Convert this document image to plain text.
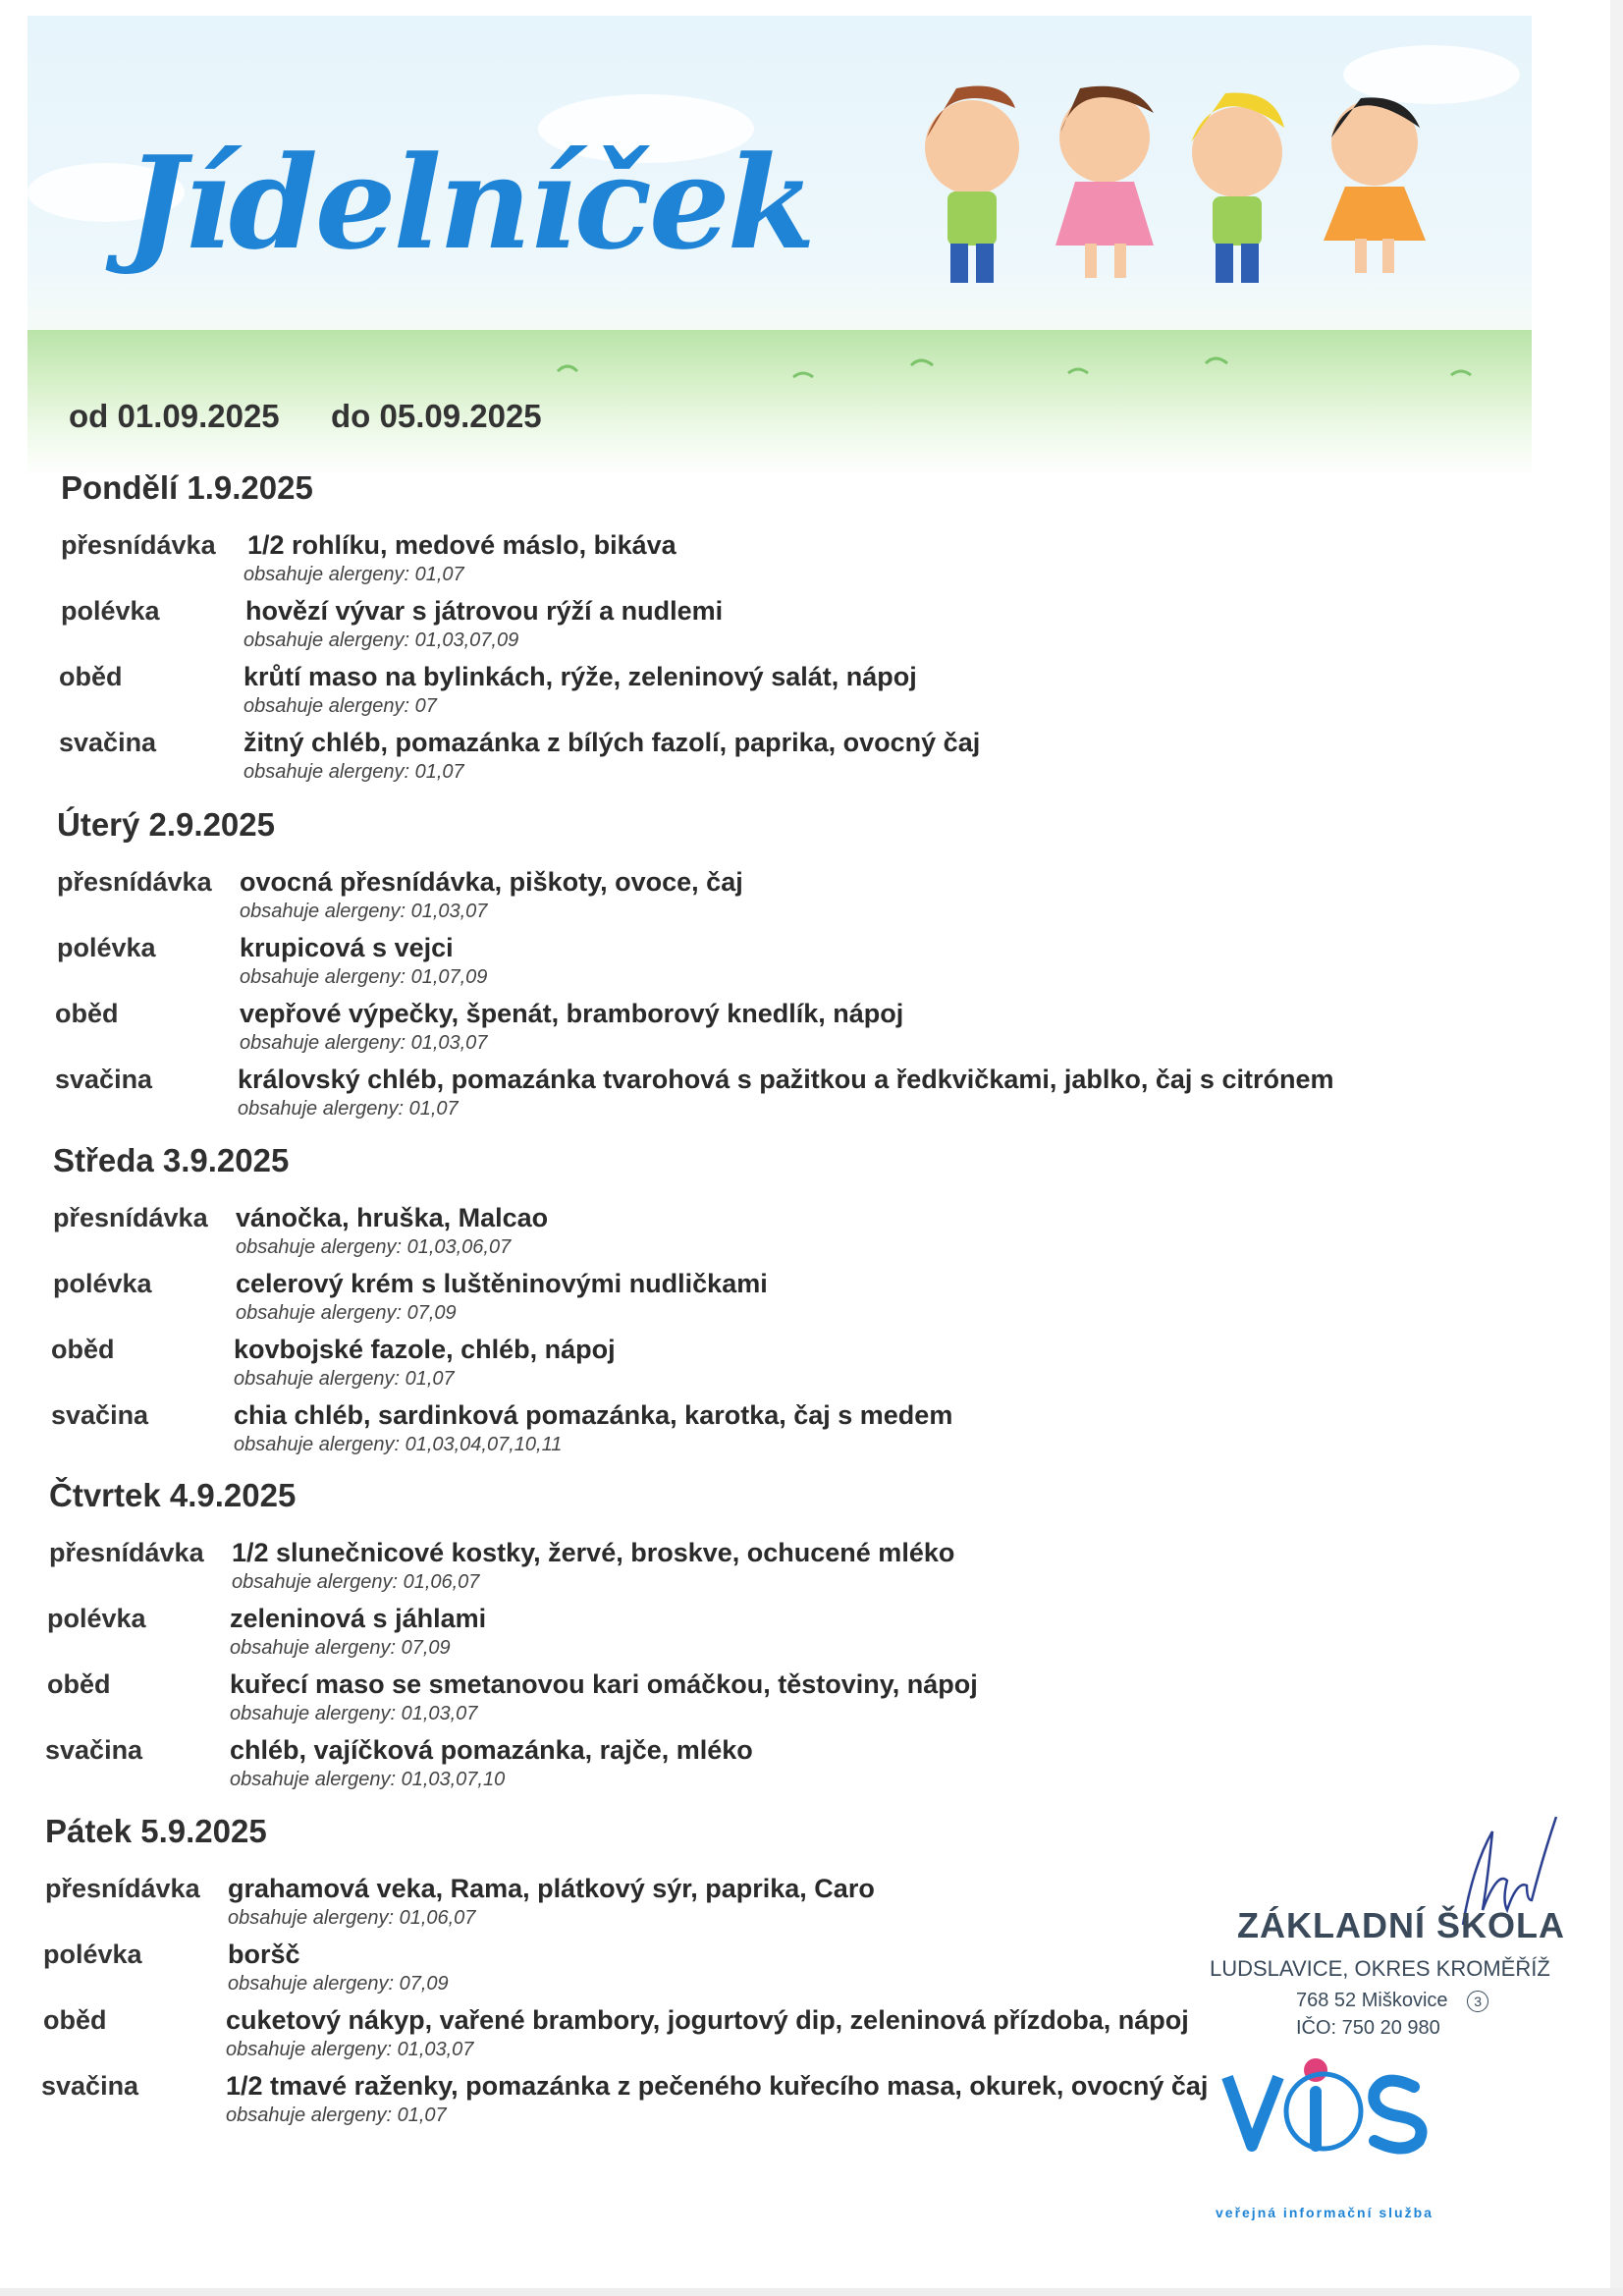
Jídelníček
od 01.09.2025 do 05.09.2025
Pondělí 1.9.2025
přesnídávka 1/2 rohlíku, medové máslo, bikáva
obsahuje alergeny: 01,07
polévka	hovězí vývar s játrovou rýží a nudlemi
obsahuje alergeny: 01,03,07,09
oběd	krůtí maso na bylinkách, rýže, zeleninový salát, nápoj
obsahuje alergeny: 07
svačina	žitný chléb, pomazánka z bílých fazolí, paprika, ovocný čaj
obsahuje alergeny: 01,07
Úterý 2.9.2025
přesnídávka ovocná přesnídávka, piškoty, ovoce, čaj
obsahuje alergeny: 01,03,07
polévka	krupicová s vejci
obsahuje alergeny: 01,07,09
oběd	vepřové výpečky, špenát, bramborový knedlík, nápoj
obsahuje alergeny: 01,03,07
svačina	královský chléb, pomazánka tvarohová s pažitkou a ředkvičkami, jablko, čaj s citrónem
obsahuje alergeny: 01,07
Středa 3.9.2025
přesnídávka vánočka, hruška, Malcao
obsahuje alergeny: 01,03,06,07
polévka	celerový krém s luštěninovými nudličkami
obsahuje alergeny: 07,09
oběd	kovbojské fazole, chléb, nápoj
obsahuje alergeny: 01,07
svačina	chia chléb, sardinková pomazánka, karotka, čaj s medem
obsahuje alergeny: 01,03,04,07,10,11
Čtvrtek 4.9.2025
přesnídávka 1/2 slunečnicové kostky, žervé, broskve, ochucené mléko
obsahuje alergeny: 01,06,07
polévka	zeleninová s jáhlami
obsahuje alergeny: 07,09
oběd	kuřecí maso se smetanovou kari omáčkou, těstoviny, nápoj
obsahuje alergeny: 01,03,07
svačina	chléb, vajíčková pomazánka, rajče, mléko
obsahuje alergeny: 01,03,07,10
Pátek 5.9.2025
přesnídávka grahamová veka, Rama, plátkový sýr, paprika, Caro
obsahuje alergeny: 01,06,07
polévka	boršč
obsahuje alergeny: 07,09
oběd	cuketový nákyp, vařené brambory, jogurtový dip, zeleninová přízdoba, nápoj
obsahuje alergeny: 01,03,07
svačina	1/2 tmavé raženky, pomazánka z pečeného kuřecího masa, okurek, ovocný čaj
obsahuje alergeny: 01,07
ZÁKLADNÍ ŠKOLA
LUDSLAVICE, OKRES KROMĚŘÍŽ
768 52 Miškovice 3
IČO: 750 20 980
veřejná informační služba
